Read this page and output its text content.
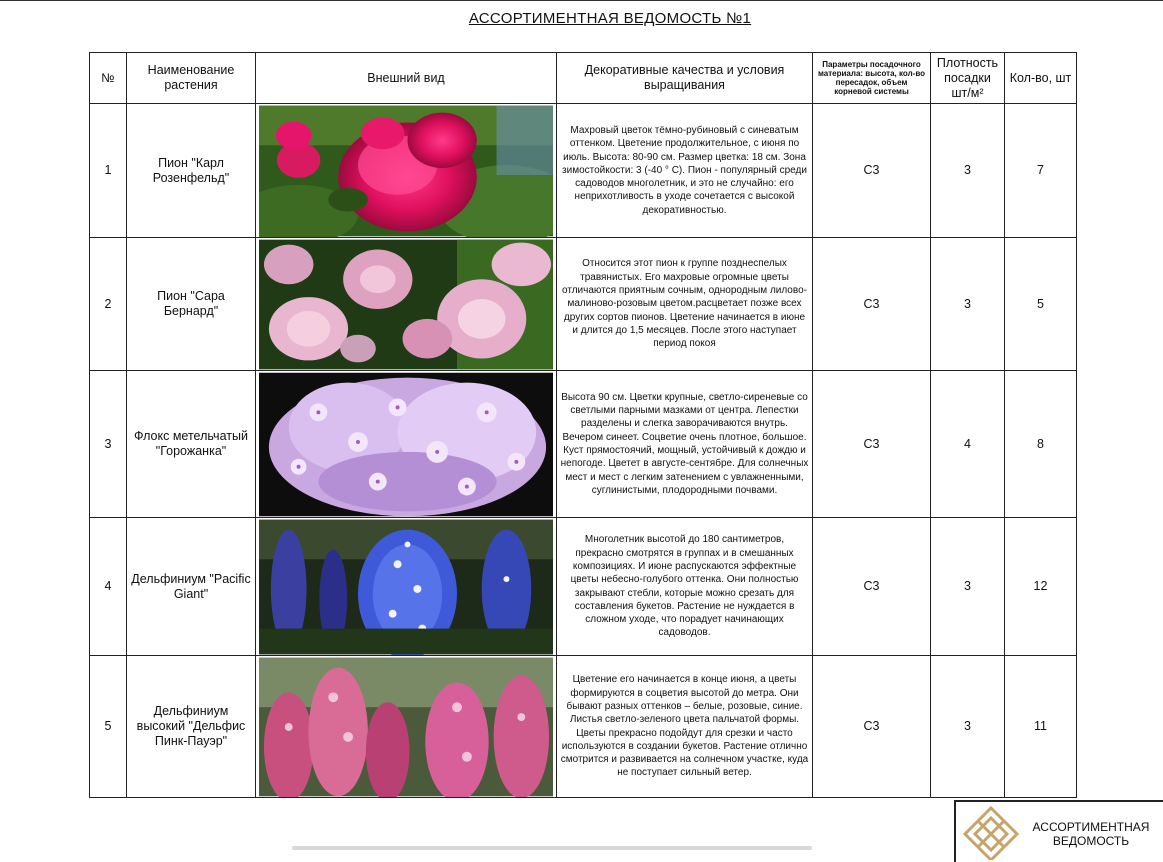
АССОРТИМЕНТНАЯ ВЕДОМОСТЬ №1
№	Наименование растения	Внешний вид	Декоративные качества и условия выращивания	Параметры посадочного материала: высота, кол-во пересадок, объем корневой системы	Плотность посадки шт/м²	Кол-во, шт
1	Пион "Карл Розенфельд"		Махровый цветок тёмно-рубиновый с синеватым оттенком. Цветение продолжительное, с июня по июль. Высота: 80-90 см. Размер цветка: 18 см. Зона зимостойкости: 3 (-40 ° С). Пион - популярный среди садоводов многолетник, и это не случайно: его неприхотливость в уходе сочетается с высокой декоративностью.	С3	3	7
2	Пион "Сара Бернард"		Относится этот пион к группе позднеспелых травянистых. Его махровые огромные цветы отличаются приятным сочным, однородным лилово-малиново-розовым цветом.расцветает позже всех других сортов пионов. Цветение начинается в июне и длится до 1,5 месяцев. После этого наступает период покоя	С3	3	5
3	Флокс метельчатый "Горожанка"		Высота 90 см. Цветки крупные, светло-сиреневые со светлыми парными мазками от центра. Лепестки разделены и слегка заворачиваются внутрь. Вечером синеет. Соцветие очень плотное, большое. Куст прямостоячий, мощный, устойчивый к дождю и непогоде. Цветет в августе-сентябре. Для солнечных мест и мест с легким затенением с увлажненными, суглинистыми, плодородными почвами.	С3	4	8
4	Дельфиниум "Pacific Giant"		Многолетник высотой до 180 сантиметров, прекрасно смотрятся в группах и в смешанных композициях. И июне распускаются эффектные цветы небесно-голубого оттенка. Они полностью закрывают стебли, которые можно срезать для составления букетов. Растение не нуждается в сложном уходе, что порадует начинающих садоводов.	С3	3	12
5	Дельфиниум высокий "Дельфис Пинк-Пауэр"		Цветение его начинается в конце июня, а цветы формируются в соцветия высотой до метра. Они бывают разных оттенков – белые, розовые, синие. Листья светло-зеленого цвета пальчатой формы. Цветы прекрасно подойдут для срезки и часто используются в создании букетов. Растение отлично смотрится и развивается на солнечном участке, куда не поступает сильный ветер.	С3	3	11
АССОРТИМЕНТНАЯ ВЕДОМОСТЬ
